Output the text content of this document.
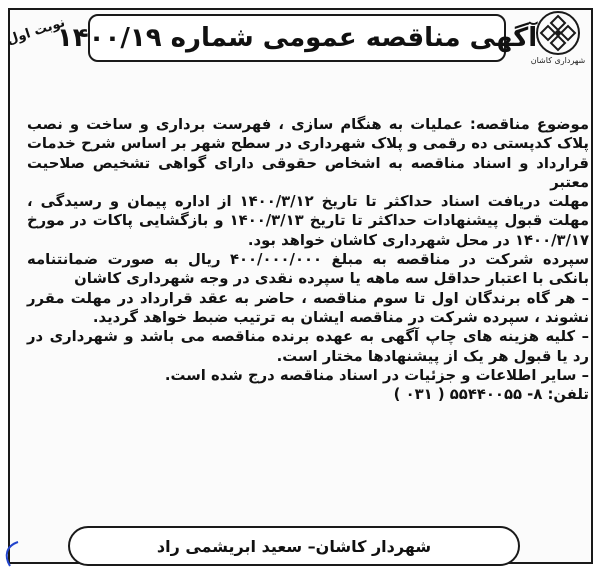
شهرداری کاشان
آگهی مناقصه عمومی شماره ۱۴۰۰/۱۹
نوبت اول

موضوع مناقصه: عملیات به هنگام سازی ، فهرست برداری و ساخت و نصب پلاک کدپستی ده رقمی و پلاک شهرداری در سطح شهر بر اساس شرح خدمات قرارداد و اسناد مناقصه به اشخاص حقوقی دارای گواهی تشخیص صلاحیت معتبر

مهلت دریافت اسناد حداکثر تا تاریخ ۱۴۰۰/۳/۱۲ از اداره پیمان و رسیدگی ، مهلت قبول پیشنهادات حداکثر تا تاریخ ۱۴۰۰/۳/۱۳ و بازگشایی پاکات در مورخ ۱۴۰۰/۳/۱۷ در محل شهرداری کاشان خواهد بود.

سپرده شرکت در مناقصه به مبلغ ۴۰۰/۰۰۰/۰۰۰ ریال به صورت ضمانتنامه بانکی با اعتبار حداقل سه ماهه یا سپرده نقدی در وجه شهرداری کاشان

– هر گاه برندگان اول تا سوم مناقصه ، حاضر به عقد قرارداد در مهلت مقرر نشوند ، سپرده شرکت در مناقصه ایشان به ترتیب ضبط خواهد گردید.

– کلیه هزینه های چاپ آگهی به عهده برنده مناقصه می باشد و شهرداری در رد یا قبول هر یک از پیشنهادها مختار است.

– سایر اطلاعات و جزئیات در اسناد مناقصه درج شده است.

تلفن: ۸- ۵۵۴۴۰۰۵۵ ( ۰۳۱ )

شهردار کاشان– سعید ابریشمی راد
